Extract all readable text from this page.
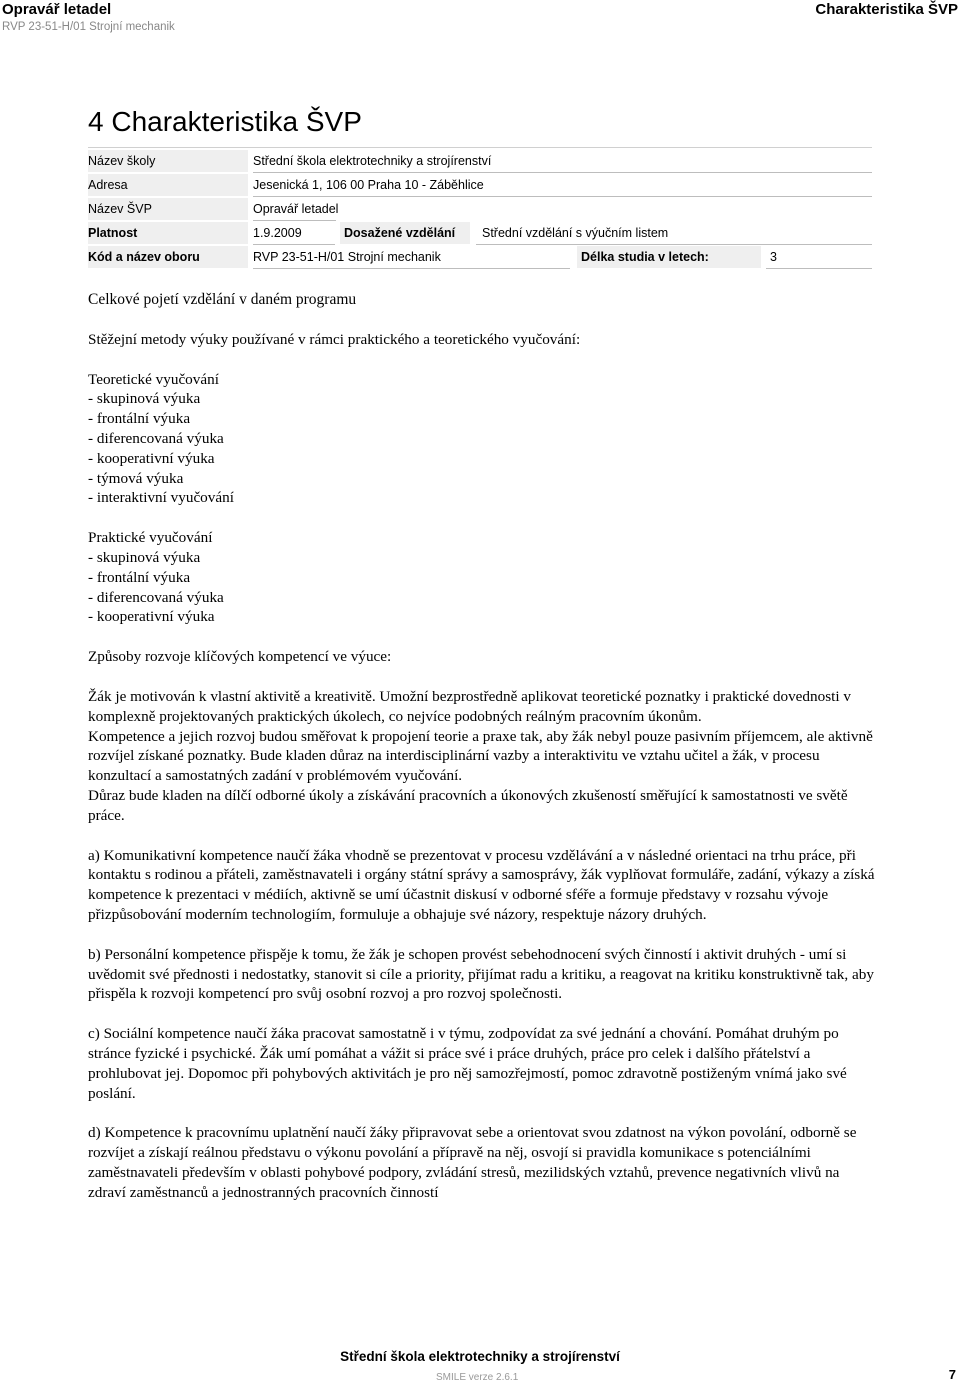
Opravář letadel
RVP 23-51-H/01 Strojní mechanik
Charakteristika ŠVP
4 Charakteristika ŠVP
Název školy	Střední škola elektrotechniky a strojírenství
Adresa	Jesenická 1, 106 00 Praha 10 - Záběhlice
Název ŠVP	Opravář letadel
Platnost	1.9.2009	Dosažené vzdělání	Střední vzdělání s výučním listem
Kód a název oboru	RVP 23-51-H/01 Strojní mechanik	Délka studia v letech:	3

Celkové pojetí vzdělání v daném programu

Stěžejní metody výuky používané v rámci praktického a teoretického vyučování:

Teoretické vyučování

- skupinová výuka

- frontální výuka

- diferencovaná výuka

- kooperativní výuka

- týmová výuka

- interaktivní vyučování

Praktické vyučování

- skupinová výuka

- frontální výuka

- diferencovaná výuka

- kooperativní výuka

Způsoby rozvoje klíčových kompetencí ve výuce:

Žák je motivován k vlastní aktivitě a kreativitě. Umožní bezprostředně aplikovat teoretické poznatky i praktické dovednosti v komplexně projektovaných praktických úkolech, co nejvíce podobných reálným pracovním úkonům.

Kompetence a jejich rozvoj budou směřovat k propojení teorie a praxe tak, aby žák nebyl pouze pasivním příjemcem, ale aktivně rozvíjel získané poznatky. Bude kladen důraz na interdisciplinární vazby a interaktivitu ve vztahu učitel a žák, v procesu konzultací a samostatných zadání v problémovém vyučování.

Důraz bude kladen na dílčí odborné úkoly a získávání pracovních a úkonových zkušeností směřující k samostatnosti ve světě práce.

a) Komunikativní kompetence naučí žáka vhodně se prezentovat v procesu vzdělávání a v následné orientaci na trhu práce, při kontaktu s rodinou a přáteli, zaměstnavateli i orgány státní správy a samosprávy, žák vyplňovat formuláře, zadání, výkazy a získá kompetence k prezentaci v médiích, aktivně se umí účastnit diskusí v odborné sféře a formuje představy v rozsahu vývoje přizpůsobování moderním technologiím, formuluje a obhajuje své názory, respektuje názory druhých.

b) Personální kompetence přispěje k tomu, že žák je schopen provést sebehodnocení svých činností i aktivit druhých - umí si uvědomit své přednosti i nedostatky, stanovit si cíle a priority, přijímat radu a kritiku, a reagovat na kritiku konstruktivně tak, aby přispěla k rozvoji kompetencí pro svůj osobní rozvoj a pro rozvoj společnosti.

c) Sociální kompetence naučí žáka pracovat samostatně i v týmu, zodpovídat za své jednání a chování. Pomáhat druhým po stránce fyzické i psychické. Žák umí pomáhat a vážit si práce své i práce druhých, práce pro celek i dalšího přátelství a prohlubovat jej. Dopomoc při pohybových aktivitách je pro něj samozřejmostí, pomoc zdravotně postiženým vnímá jako své poslání.

d) Kompetence k pracovnímu uplatnění naučí žáky připravovat sebe a orientovat svou zdatnost na výkon povolání, odborně se rozvíjet a získají reálnou představu o výkonu povolání a přípravě na něj, osvojí si pravidla komunikace s potenciálními zaměstnavateli především v oblasti pohybové podpory, zvládání stresů, mezilidských vztahů, prevence negativních vlivů na zdraví zaměstnanců a jednostranných pracovních činností

Střední škola elektrotechniky a strojírenství
SMILE verze 2.6.1	7
